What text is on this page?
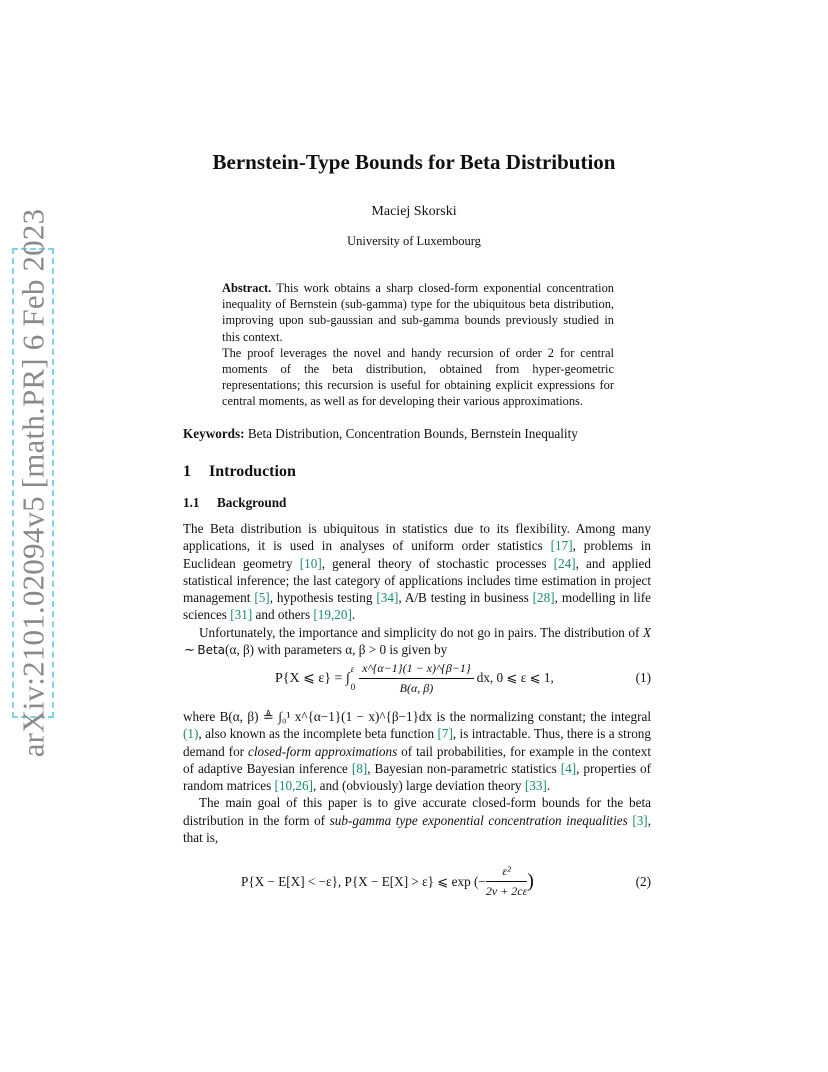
arXiv:2101.02094v5 [math.PR] 6 Feb 2023
Bernstein-Type Bounds for Beta Distribution
Maciej Skorski
University of Luxembourg

Abstract. This work obtains a sharp closed-form exponential concentration inequality of Bernstein (sub-gamma) type for the ubiquitous beta distribution, improving upon sub-gaussian and sub-gamma bounds previously studied in this context.

The proof leverages the novel and handy recursion of order 2 for central moments of the beta distribution, obtained from hyper-geometric representations; this recursion is useful for obtaining explicit expressions for central moments, as well as for developing their various approximations.

Keywords: Beta Distribution, Concentration Bounds, Bernstein Inequality
1 Introduction
1.1 Background

The Beta distribution is ubiquitous in statistics due to its flexibility. Among many applications, it is used in analyses of uniform order statistics [17], problems in Euclidean geometry [10], general theory of stochastic processes [24], and applied statistical inference; the last category of applications includes time estimation in project management [5], hypothesis testing [34], A/B testing in business [28], modelling in life sciences [31] and others [19,20].

Unfortunately, the importance and simplicity do not go in pairs. The distribution of X ∼ Beta(α, β) with parameters α, β > 0 is given by

P{X ⩽ ε} = ∫
ε
$0 \frac{x\^{}\{\alpha-1\}(1 - x)\^{}\{\beta-1\}}{B(\alpha, \beta)}$ dx, 0 ⩽ ε ⩽ 1,	(1)

where B(α, β) ≜ ∫₀¹ x^{α−1}(1 − x)^{β−1}dx is the normalizing constant; the integral (1), also known as the incomplete beta function [7], is intractable. Thus, there is a strong demand for closed-form approximations of tail probabilities, for example in the context of adaptive Bayesian inference [8], Bayesian non-parametric statistics [4], properties of random matrices [10,26], and (obviously) large deviation theory [33].

The main goal of this paper is to give accurate closed-form bounds for the beta distribution in the form of sub-gamma type exponential concentration inequalities [3], that is,

P{X − E[X] < −ε}, P{X − E[X] > ε} ⩽ exp (− $\frac{\text{ε²}}{2v + 2c\varepsilon}$ )	(2)
